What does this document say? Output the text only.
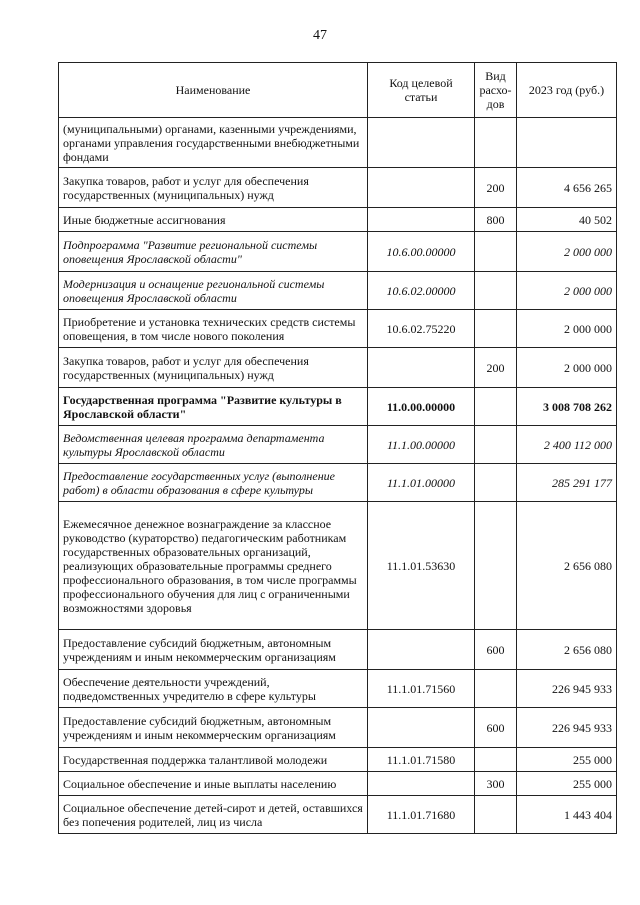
47
Наименование	Код целевой статьи	Вид расхо-дов	2023 год (руб.)
(муниципальными) органами, казенными учреждениями, органами управления государственными внебюджетными фондами			
Закупка товаров, работ и услуг для обеспечения государственных (муниципальных) нужд		200	4 656 265
Иные бюджетные ассигнования		800	40 502
Подпрограмма "Развитие региональной системы оповещения Ярославской области"	10.6.00.00000		2 000 000
Модернизация и оснащение региональной системы оповещения Ярославской области	10.6.02.00000		2 000 000
Приобретение и установка технических средств системы оповещения, в том числе нового поколения	10.6.02.75220		2 000 000
Закупка товаров, работ и услуг для обеспечения государственных (муниципальных) нужд		200	2 000 000
Государственная программа "Развитие культуры в Ярославской области"	11.0.00.00000		3 008 708 262
Ведомственная целевая программа департамента культуры Ярославской области	11.1.00.00000		2 400 112 000
Предоставление государственных услуг (выполнение работ) в области образования в сфере культуры	11.1.01.00000		285 291 177
Ежемесячное денежное вознаграждение за классное руководство (кураторство) педагогическим работникам государственных образовательных организаций, реализующих образовательные программы среднего профессионального образования, в том числе программы профессионального обучения для лиц с ограниченными возможностями здоровья	11.1.01.53630		2 656 080
Предоставление субсидий бюджетным, автономным учреждениям и иным некоммерческим организациям		600	2 656 080
Обеспечение деятельности учреждений, подведомственных учредителю в сфере культуры	11.1.01.71560		226 945 933
Предоставление субсидий бюджетным, автономным учреждениям и иным некоммерческим организациям		600	226 945 933
Государственная поддержка талантливой молодежи	11.1.01.71580		255 000
Социальное обеспечение и иные выплаты населению		300	255 000
Социальное обеспечение детей-сирот и детей, оставшихся без попечения родителей, лиц из числа	11.1.01.71680		1 443 404
